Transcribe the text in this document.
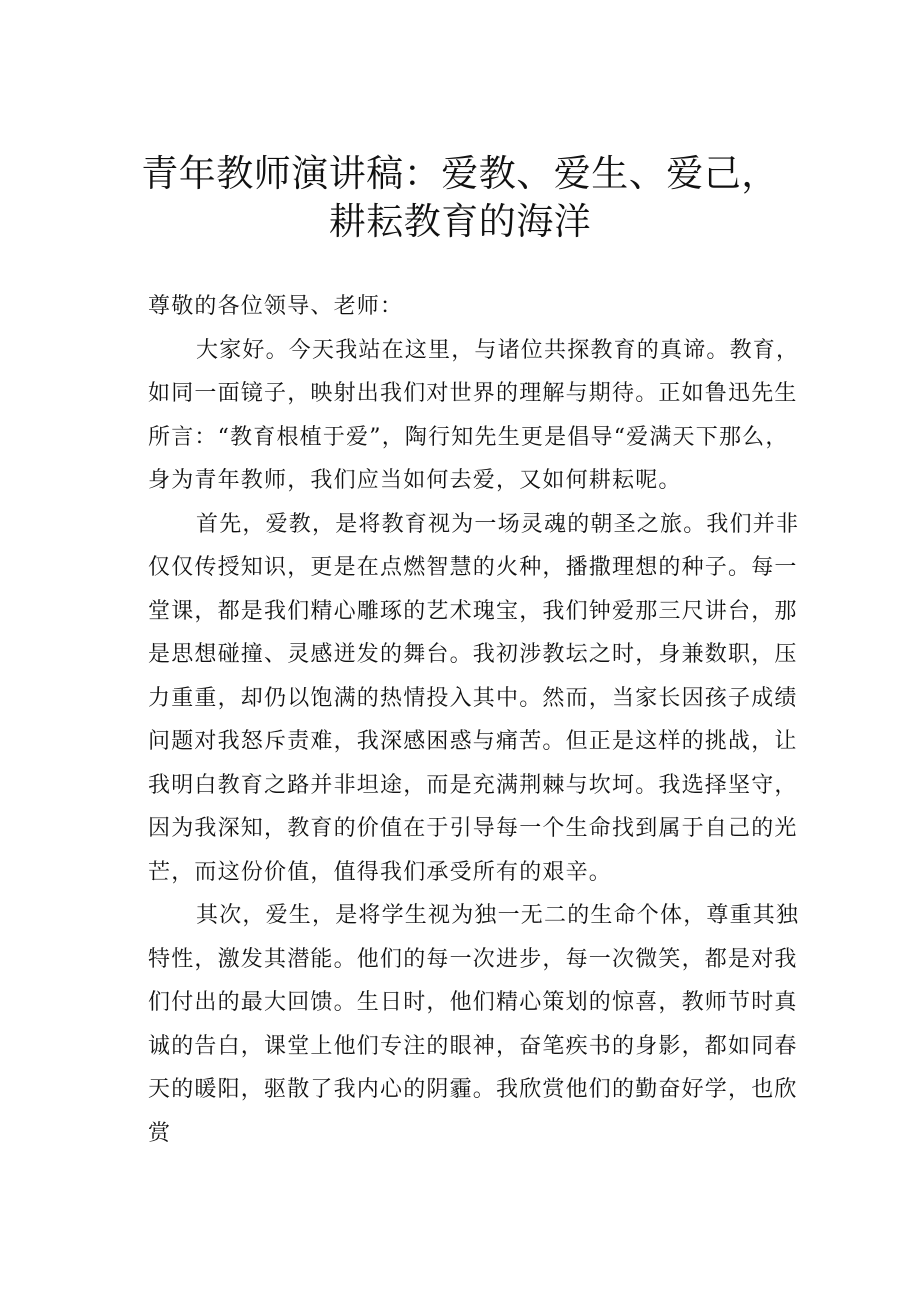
青年教师演讲稿：爱教、爱生、爱己，
耕耘教育的海洋

尊敬的各位领导、老师：

大家好。今天我站在这里，与诸位共探教育的真谛。教育，如同一面镜子，映射出我们对世界的理解与期待。正如鲁迅先生所言：“教育根植于爱”，陶行知先生更是倡导“爱满天下那么，身为青年教师，我们应当如何去爱，又如何耕耘呢。

首先，爱教，是将教育视为一场灵魂的朝圣之旅。我们并非仅仅传授知识，更是在点燃智慧的火种，播撒理想的种子。每一堂课，都是我们精心雕琢的艺术瑰宝，我们钟爱那三尺讲台，那是思想碰撞、灵感迸发的舞台。我初涉教坛之时，身兼数职，压力重重，却仍以饱满的热情投入其中。然而，当家长因孩子成绩问题对我怒斥责难，我深感困惑与痛苦。但正是这样的挑战，让我明白教育之路并非坦途，而是充满荆棘与坎坷。我选择坚守，因为我深知，教育的价值在于引导每一个生命找到属于自己的光芒，而这份价值，值得我们承受所有的艰辛。

其次，爱生，是将学生视为独一无二的生命个体，尊重其独特性，激发其潜能。他们的每一次进步，每一次微笑，都是对我们付出的最大回馈。生日时，他们精心策划的惊喜，教师节时真诚的告白，课堂上他们专注的眼神，奋笔疾书的身影，都如同春天的暖阳，驱散了我内心的阴霾。我欣赏他们的勤奋好学，也欣赏
